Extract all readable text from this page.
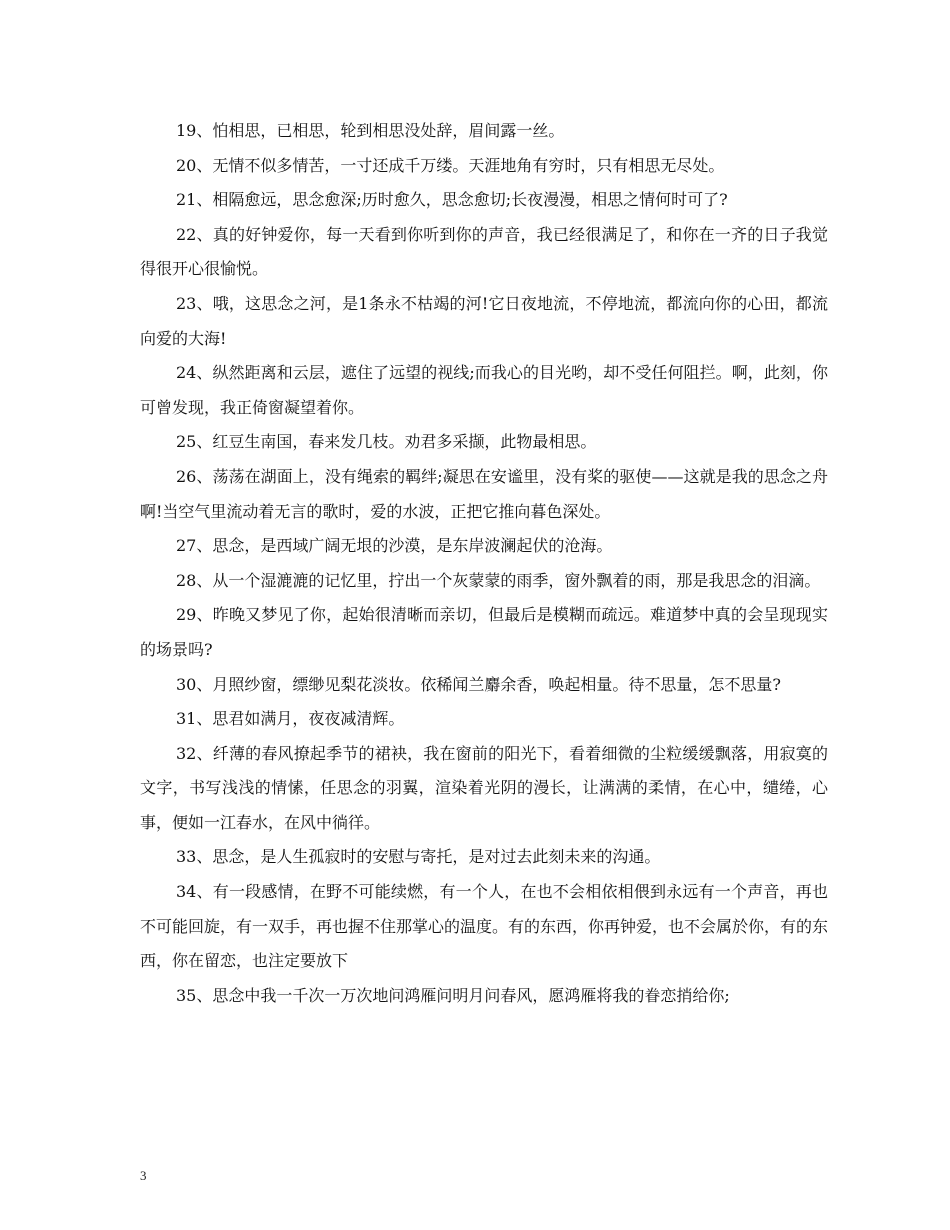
19、怕相思，已相思，轮到相思没处辞，眉间露一丝。

20、无情不似多情苦，一寸还成千万缕。天涯地角有穷时，只有相思无尽处。

21、相隔愈远，思念愈深;历时愈久，思念愈切;长夜漫漫，相思之情何时可了?

22、真的好钟爱你，每一天看到你听到你的声音，我已经很满足了，和你在一齐的日子我觉得很开心很愉悦。

23、哦，这思念之河，是1条永不枯竭的河!它日夜地流，不停地流，都流向你的心田，都流向爱的大海!

24、纵然距离和云层，遮住了远望的视线;而我心的目光哟，却不受任何阻拦。啊，此刻，你可曾发现，我正倚窗凝望着你。

25、红豆生南国，春来发几枝。劝君多采撷，此物最相思。

26、荡荡在湖面上，没有绳索的羁绊;凝思在安谧里，没有桨的驱使——这就是我的思念之舟啊!当空气里流动着无言的歌时，爱的水波，正把它推向暮色深处。

27、思念，是西域广阔无垠的沙漠，是东岸波澜起伏的沧海。

28、从一个湿漉漉的记忆里，拧出一个灰蒙蒙的雨季，窗外飘着的雨，那是我思念的泪滴。

29、昨晚又梦见了你，起始很清晰而亲切，但最后是模糊而疏远。难道梦中真的会呈现现实的场景吗?

30、月照纱窗，缥缈见梨花淡妆。依稀闻兰麝余香，唤起相量。待不思量，怎不思量?

31、思君如满月，夜夜减清辉。

32、纤薄的春风撩起季节的裙袂，我在窗前的阳光下，看着细微的尘粒缓缓飘落，用寂寞的文字，书写浅浅的情愫，任思念的羽翼，渲染着光阴的漫长，让满满的柔情，在心中，缱绻，心事，便如一江春水，在风中徜徉。

33、思念，是人生孤寂时的安慰与寄托，是对过去此刻未来的沟通。

34、有一段感情，在野不可能续燃，有一个人，在也不会相依相偎到永远有一个声音，再也不可能回旋，有一双手，再也握不住那掌心的温度。有的东西，你再钟爱，也不会属於你，有的东西，你在留恋，也注定要放下

35、思念中我一千次一万次地问鸿雁问明月问春风，愿鸿雁将我的眷恋捎给你;

3
